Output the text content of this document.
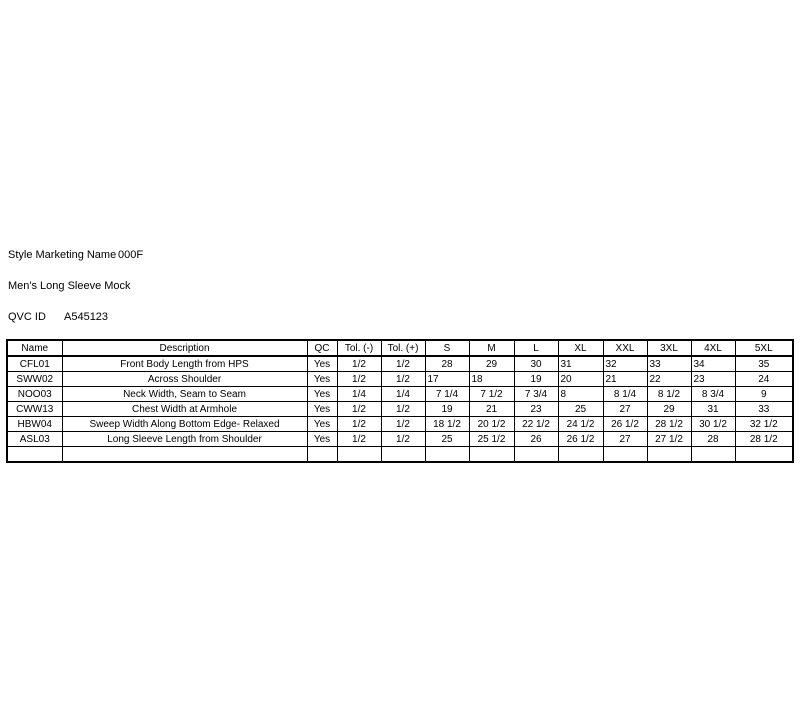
Style Marketing Name 000F
Men's Long Sleeve Mock
QVC ID A545123
Name	Description	QC	Tol. (-)	Tol. (+)	S	M	L	XL	XXL	3XL	4XL	5XL
CFL01	Front Body Length from HPS	Yes	1/2	1/2	28	29	30	31	32	33	34	35
SWW02	Across Shoulder	Yes	1/2	1/2	17	18	19	20	21	22	23	24
NOO03	Neck Width, Seam to Seam	Yes	1/4	1/4	7 1/4	7 1/2	7 3/4	8	8 1/4	8 1/2	8 3/4	9
CWW13	Chest Width at Armhole	Yes	1/2	1/2	19	21	23	25	27	29	31	33
HBW04	Sweep Width Along Bottom Edge- Relaxed	Yes	1/2	1/2	18 1/2	20 1/2	22 1/2	24 1/2	26 1/2	28 1/2	30 1/2	32 1/2
ASL03	Long Sleeve Length from Shoulder	Yes	1/2	1/2	25	25 1/2	26	26 1/2	27	27 1/2	28	28 1/2
